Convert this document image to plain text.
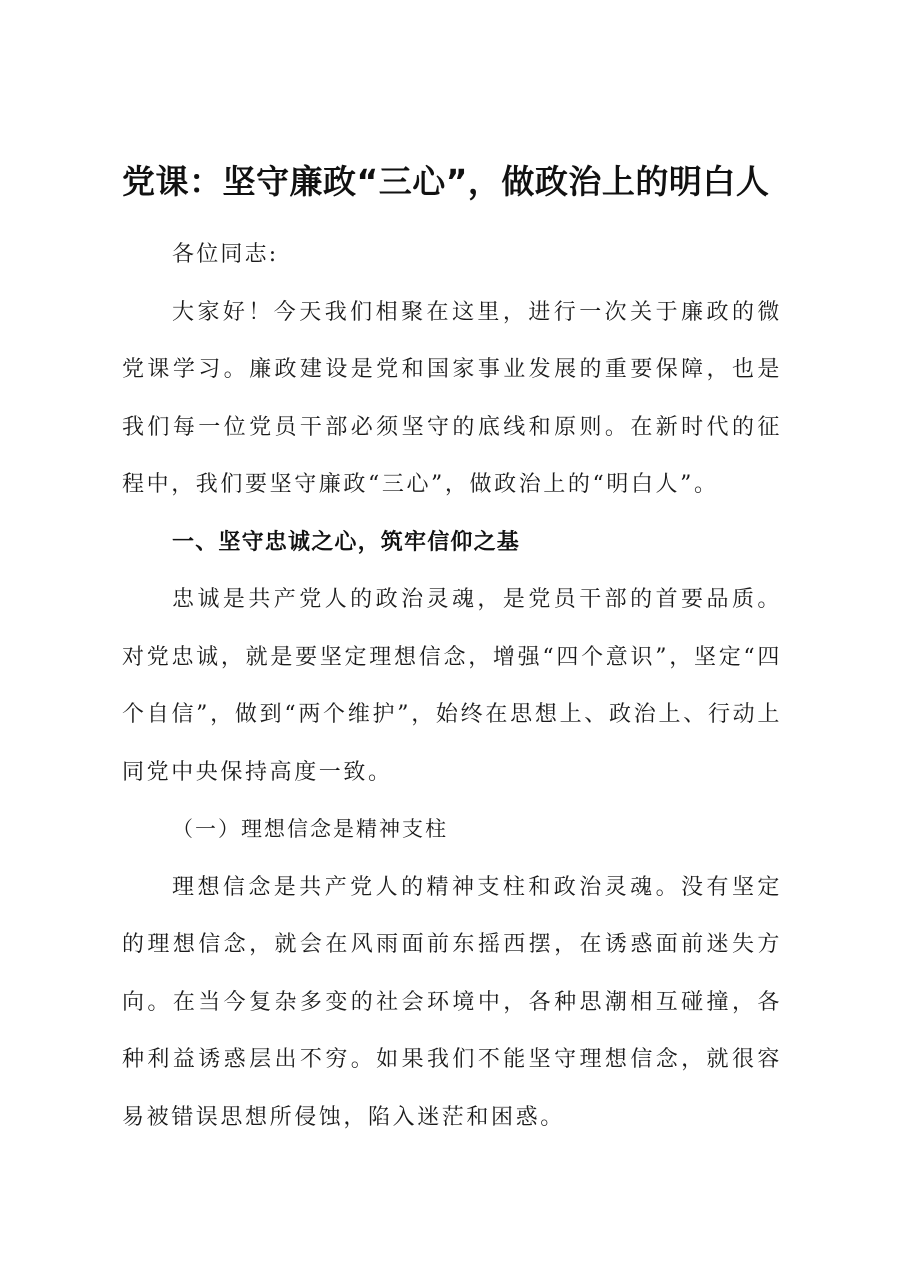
党课：坚守廉政“三心”，做政治上的明白人

各位同志:

大家好！今天我们相聚在这里，进行一次关于廉政的微党课学习。廉政建设是党和国家事业发展的重要保障，也是我们每一位党员干部必须坚守的底线和原则。在新时代的征程中，我们要坚守廉政“三心”，做政治上的“明白人”。

一、坚守忠诚之心，筑牢信仰之基

忠诚是共产党人的政治灵魂，是党员干部的首要品质。对党忠诚，就是要坚定理想信念，增强“四个意识”，坚定“四个自信”，做到“两个维护”，始终在思想上、政治上、行动上同党中央保持高度一致。

（一）理想信念是精神支柱

理想信念是共产党人的精神支柱和政治灵魂。没有坚定的理想信念，就会在风雨面前东摇西摆，在诱惑面前迷失方向。在当今复杂多变的社会环境中，各种思潮相互碰撞，各种利益诱惑层出不穷。如果我们不能坚守理想信念，就很容易被错误思想所侵蚀，陷入迷茫和困惑。
